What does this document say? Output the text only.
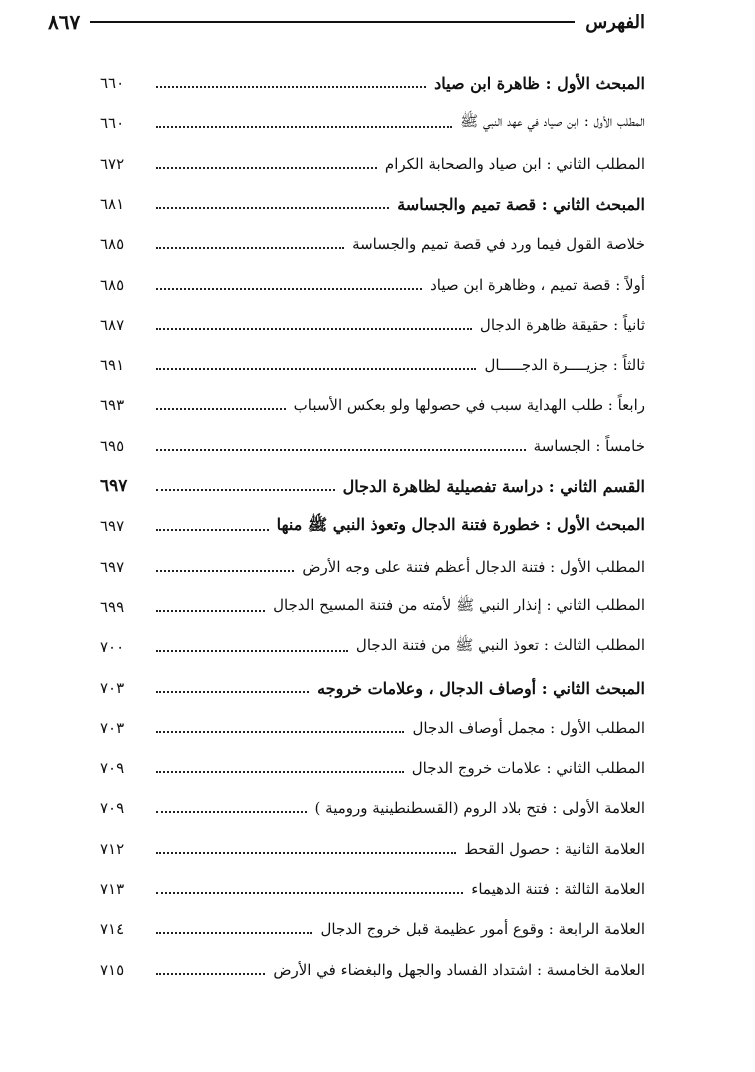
الفهرس
٨٦٧
المبحث الأول : ظاهرة ابن صياد
٦٦٠
المطلب الأول : ابن صياد في عهد النبي ﷺ
٦٦٠
المطلب الثاني : ابن صياد والصحابة الكرام
٦٧٢
المبحث الثاني : قصة تميم والجساسة
٦٨١
خلاصة القول فيما ورد في قصة تميم والجساسة
٦٨٥
أولاً : قصة تميم ، وظاهرة ابن صياد
٦٨٥
ثانياً : حقيقة ظاهرة الدجال
٦٨٧
ثالثاً : جزيــــرة الدجـــــال
٦٩١
رابعاً : طلب الهداية سبب في حصولها ولو بعكس الأسباب
٦٩٣
خامساً : الجساسة
٦٩٥
القسم الثاني : دراسة تفصيلية لظاهرة الدجال
٦٩٧
المبحث الأول : خطورة فتنة الدجال وتعوذ النبي ﷺ منها
٦٩٧
المطلب الأول : فتنة الدجال أعظم فتنة على وجه الأرض
٦٩٧
المطلب الثاني : إنذار النبي ﷺ لأمته من فتنة المسيح الدجال
٦٩٩
المطلب الثالث : تعوذ النبي ﷺ من فتنة الدجال
٧٠٠
المبحث الثاني : أوصاف الدجال ، وعلامات خروجه
٧٠٣
المطلب الأول : مجمل أوصاف الدجال
٧٠٣
المطلب الثاني : علامات خروج الدجال
٧٠٩
العلامة الأولى : فتح بلاد الروم (القسطنطينية ورومية )
٧٠٩
العلامة الثانية : حصول القحط
٧١٢
العلامة الثالثة : فتنة الدهيماء
٧١٣
العلامة الرابعة : وقوع أمور عظيمة قبل خروج الدجال
٧١٤
العلامة الخامسة : اشتداد الفساد والجهل والبغضاء في الأرض
٧١٥
